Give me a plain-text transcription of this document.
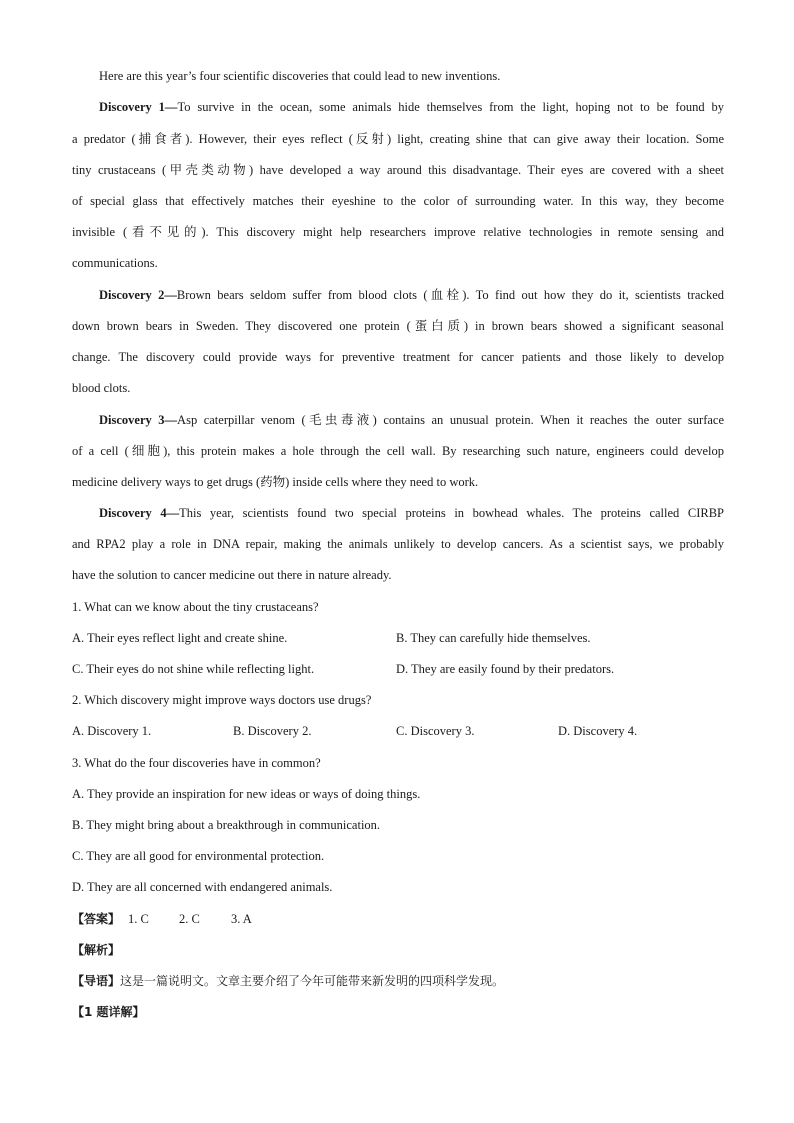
Here are this year’s four scientific discoveries that could lead to new inventions.
Discovery 1—To survive in the ocean, some animals hide themselves from the light, hoping not to be found by
a predator (捕食者). However, their eyes reflect (反射) light, creating shine that can give away their location. Some
tiny crustaceans (甲壳类动物) have developed a way around this disadvantage. Their eyes are covered with a sheet
of special glass that effectively matches their eyeshine to the color of surrounding water. In this way, they become
invisible (看不见的). This discovery might help researchers improve relative technologies in remote sensing and
communications.
Discovery 2—Brown bears seldom suffer from blood clots (血栓). To find out how they do it, scientists tracked
down brown bears in Sweden. They discovered one protein (蛋白质) in brown bears showed a significant seasonal
change. The discovery could provide ways for preventive treatment for cancer patients and those likely to develop
blood clots.
Discovery 3—Asp caterpillar venom (毛虫毒液) contains an unusual protein. When it reaches the outer surface
of a cell (细胞), this protein makes a hole through the cell wall. By researching such nature, engineers could develop
medicine delivery ways to get drugs (药物) inside cells where they need to work.
Discovery 4—This year, scientists found two special proteins in bowhead whales. The proteins called CIRBP
and RPA2 play a role in DNA repair, making the animals unlikely to develop cancers. As a scientist says, we probably
have the solution to cancer medicine out there in nature already.
1. What can we know about the tiny crustaceans?
A. Their eyes reflect light and create shine.	B. They can carefully hide themselves.
C. Their eyes do not shine while reflecting light.	D. They are easily found by their predators.
2. Which discovery might improve ways doctors use drugs?
A. Discovery 1.	B. Discovery 2.	C. Discovery 3.	D. Discovery 4.
3. What do the four discoveries have in common?
A. They provide an inspiration for new ideas or ways of doing things.
B. They might bring about a breakthrough in communication.
C. They are all good for environmental protection.
D. They are all concerned with endangered animals.
【答案】 1. C 2. C 3. A
【解析】
【导语】这是一篇说明文。文章主要介绍了今年可能带来新发明的四项科学发现。
【1 题详解】
